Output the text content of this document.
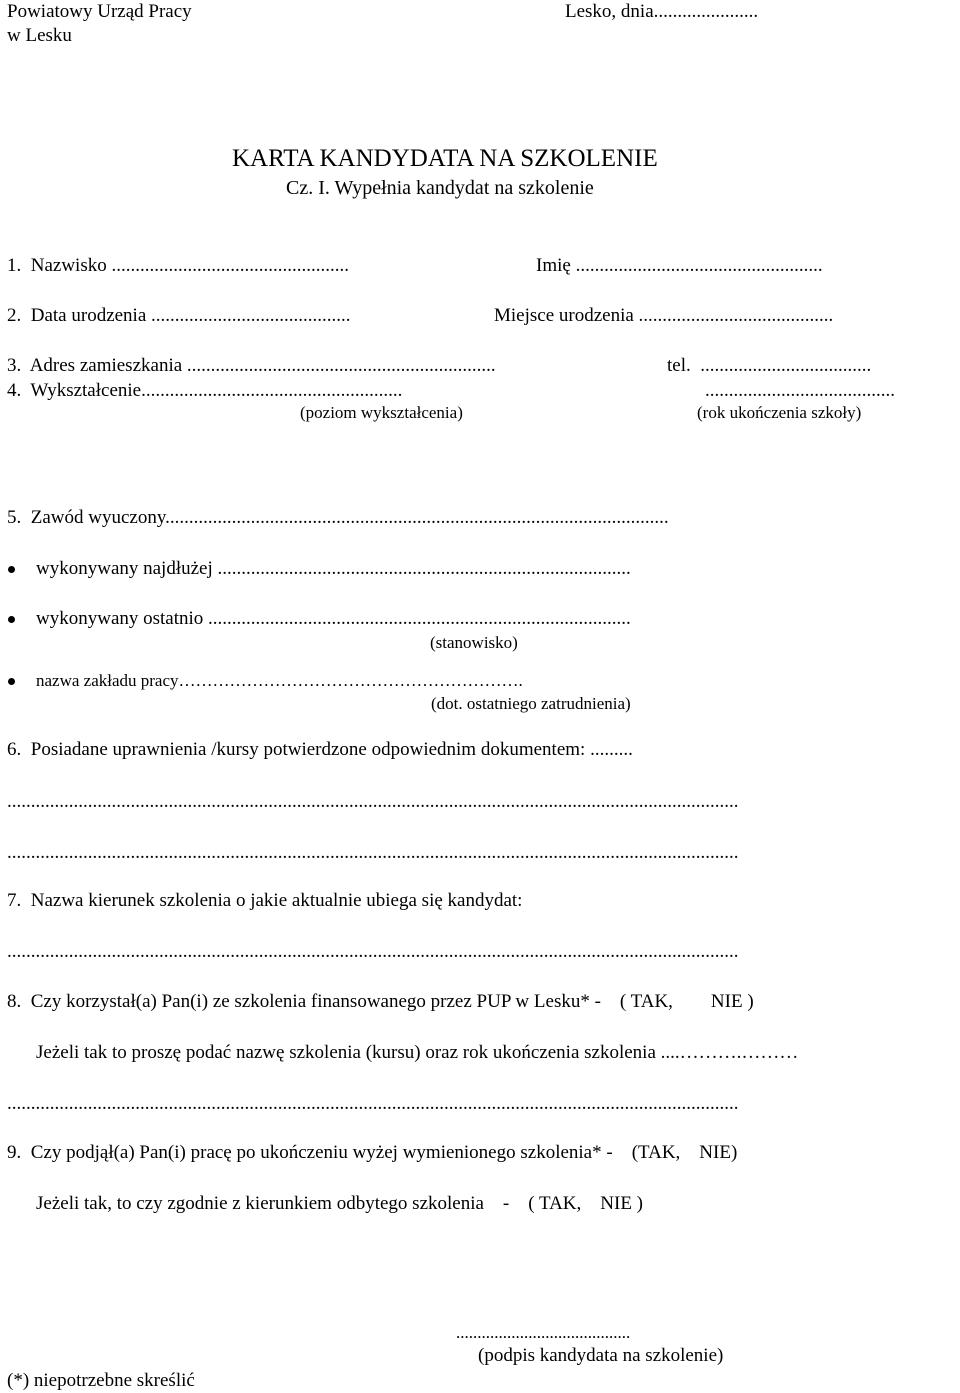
Powiatowy Urząd Pracy
w Lesku
Lesko, dnia......................
KARTA KANDYDATA NA SZKOLENIE
Cz. I. Wypełnia kandydat na szkolenie
1.  Nazwisko ..................................................	Imię ....................................................
2.  Data urodzenia ..........................................	Miejsce urodzenia .........................................
3.  Adres zamieszkania .................................................................	tel.  ....................................
4.  Wykształcenie.......................................................	........................................
(poziom wykształcenia)	(rok ukończenia szkoły)
5.  Zawód wyuczony..........................................................................................................
wykonywany najdłużej .......................................................................................
wykonywany ostatnio .........................................................................................
(stanowisko)
nazwa zakładu pracy…………………………………………………….
(dot. ostatniego zatrudnienia)
6.  Posiadane uprawnienia /kursy potwierdzone odpowiednim dokumentem: .........
..........................................................................................................................................................
..........................................................................................................................................................
7.  Nazwa kierunek szkolenia o jakie aktualnie ubiega się kandydat:
..........................................................................................................................................................
8.  Czy korzystał(a) Pan(i) ze szkolenia finansowanego przez PUP w Lesku* -    ( TAK,        NIE )
Jeżeli tak to proszę podać nazwę szkolenia (kursu) oraz rok ukończenia szkolenia ....……….………
..........................................................................................................................................................
9.  Czy podjął(a) Pan(i) pracę po ukończeniu wyżej wymienionego szkolenia* -    (TAK,    NIE)
Jeżeli tak, to czy zgodnie z kierunkiem odbytego szkolenia    -    ( TAK,    NIE )
.........................................
(podpis kandydata na szkolenie)
(*) niepotrzebne skreślić
